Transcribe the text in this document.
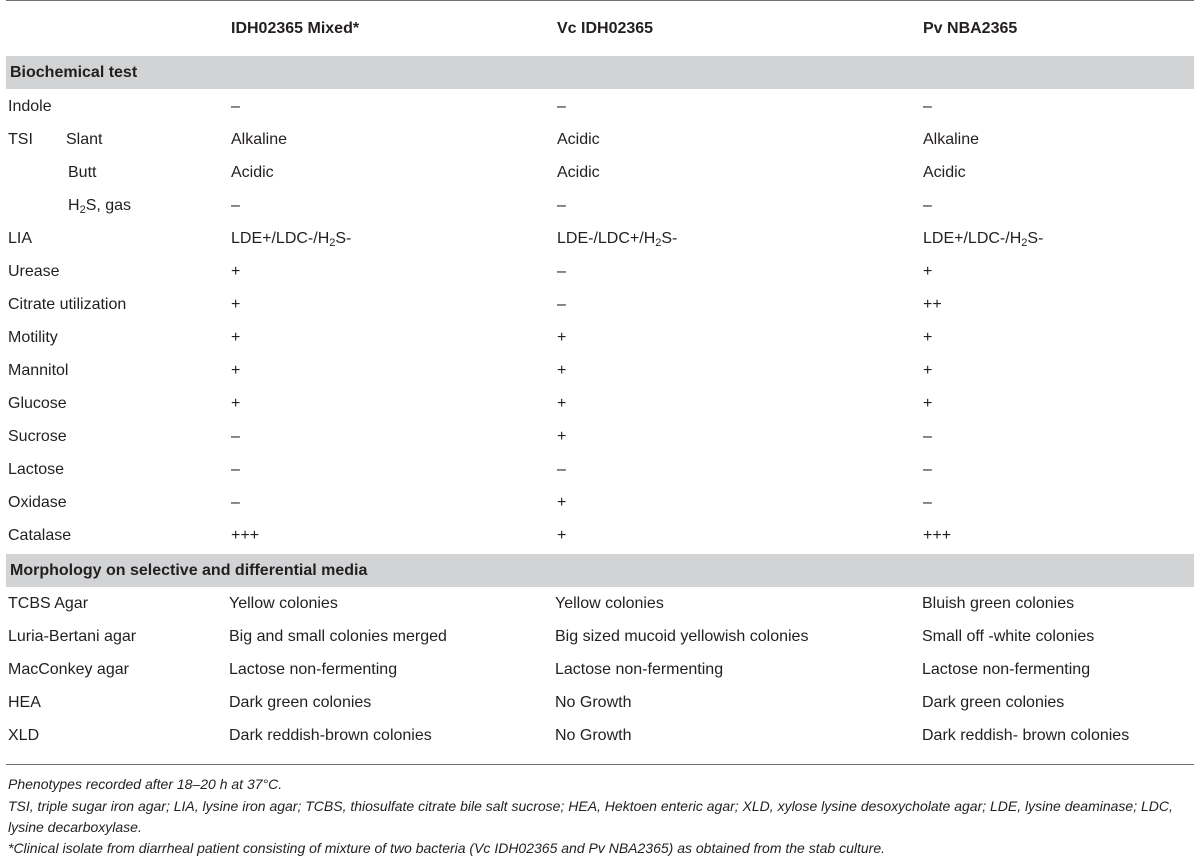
IDH02365 Mixed*	Vc IDH02365	Pv NBA2365
Biochemical test
Indole	–	–	–
TSI Slant	Alkaline	Acidic	Alkaline
Butt	Acidic	Acidic	Acidic
$H_2S$, gas	–	–	–
LIA	$LDE+/LDC-/H_2S-$	LDE-$/LDC+/H_2S-$	$LDE+/LDC-/H_2S-$
Urease	+	–	+
Citrate utilization	+	–	++
Motility	+	+	+
Mannitol	+	+	+
Glucose	+	+	+
Sucrose	–	+	–
Lactose	–	–	–
Oxidase	–	+	–
Catalase	+++	+	+++
Morphology on selective and differential media
TCBS Agar	Yellow colonies	Yellow colonies	Bluish green colonies
Luria-Bertani agar	Big and small colonies merged	Big sized mucoid yellowish colonies	Small off -white colonies
MacConkey agar	Lactose non-fermenting	Lactose non-fermenting	Lactose non-fermenting
HEA	Dark green colonies	No Growth	Dark green colonies
XLD	Dark reddish-brown colonies	No Growth	Dark reddish- brown colonies
Phenotypes recorded after 18–20 h at 37°C.
TSI, triple sugar iron agar; LIA, lysine iron agar; TCBS, thiosulfate citrate bile salt sucrose; HEA, Hektoen enteric agar; XLD, xylose lysine desoxycholate agar; LDE, lysine deaminase; LDC, lysine decarboxylase.
*Clinical isolate from diarrheal patient consisting of mixture of two bacteria (Vc IDH02365 and Pv NBA2365) as obtained from the stab culture.
